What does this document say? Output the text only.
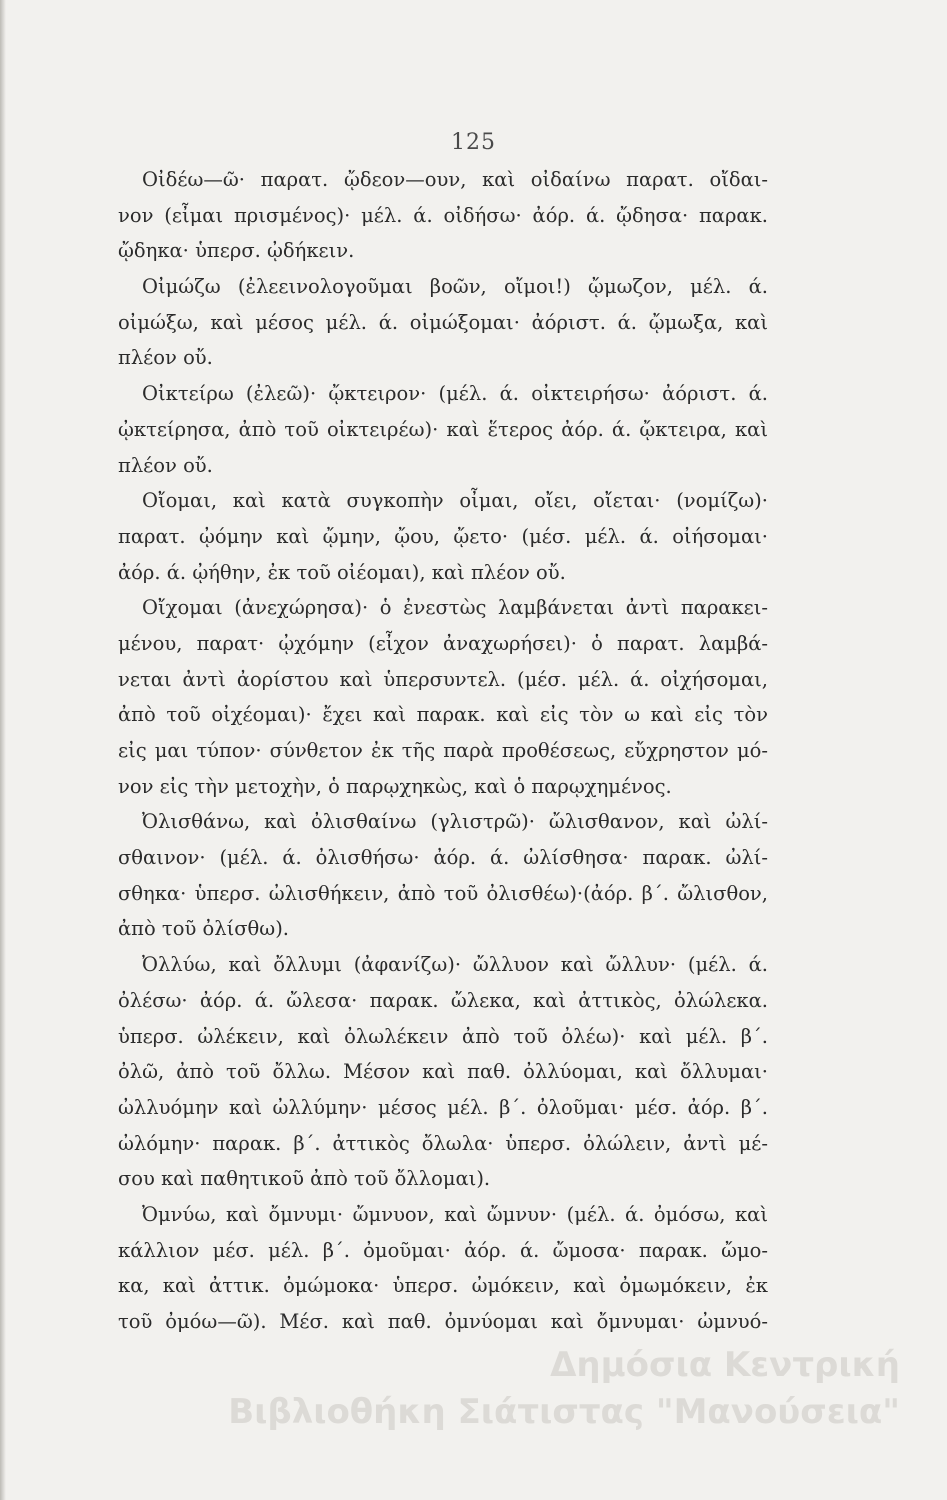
125
Οἰδέω—ῶ· παρατ. ᾤδεον—ουν, καὶ οἰδαίνω παρατ. οἴδαι-
νον (εἶμαι πρισμένος)· μέλ. ά. οἰδήσω· ἀόρ. ά. ᾤδησα· παρακ.
ᾤδηκα· ὑπερσ. ᾠδήκειν.
Οἰμώζω (ἐλεεινολογοῦμαι βοῶν, οἴμοι!) ᾤμωζον, μέλ. ά.
οἰμώξω, καὶ μέσος μέλ. ά. οἰμώξομαι· ἀόριστ. ά. ᾤμωξα, καὶ
πλέον οὔ.
Οἰκτείρω (ἐλεῶ)· ᾤκτειρον· (μέλ. ά. οἰκτειρήσω· ἀόριστ. ά.
ᾠκτείρησα, ἀπὸ τοῦ οἰκτειρέω)· καὶ ἕτερος ἀόρ. ά. ᾤκτειρα, καὶ
πλέον οὔ.
Οἴομαι, καὶ κατὰ συγκοπὴν οἶμαι, οἴει, οἴεται· (νομίζω)·
παρατ. ᾠόμην καὶ ᾤμην, ᾤου, ᾤετο· (μέσ. μέλ. ά. οἰήσομαι·
ἀόρ. ά. ᾠήθην, ἐκ τοῦ οἰέομαι), καὶ πλέον οὔ.
Οἴχομαι (ἀνεχώρησα)· ὁ ἐνεστὼς λαμβάνεται ἀντὶ παρακει-
μένου, παρατ· ᾠχόμην (εἶχον ἀναχωρήσει)· ὁ παρατ. λαμβά-
νεται ἀντὶ ἀορίστου καὶ ὑπερσυντελ. (μέσ. μέλ. ά. οἰχήσομαι,
ἀπὸ τοῦ οἰχέομαι)· ἔχει καὶ παρακ. καὶ εἰς τὸν ω καὶ εἰς τὸν
εἰς μαι τύπον· σύνθετον ἐκ τῆς παρὰ προθέσεως, εὔχρηστον μό-
νον εἰς τὴν μετοχὴν, ὁ παρῳχηκὼς, καὶ ὁ παρῳχημένος.
Ὀλισθάνω, καὶ ὀλισθαίνω (γλιστρῶ)· ὤλισθανον, καὶ ὠλί-
σθαινον· (μέλ. ά. ὀλισθήσω· ἀόρ. ά. ὠλίσθησα· παρακ. ὠλί-
σθηκα· ὑπερσ. ὠλισθήκειν, ἀπὸ τοῦ ὀλισθέω)·(ἀόρ. β΄. ὤλισθον,
ἀπὸ τοῦ ὀλίσθω).
Ὀλλύω, καὶ ὄλλυμι (ἀφανίζω)· ὤλλυον καὶ ὤλλυν· (μέλ. ά.
ὀλέσω· ἀόρ. ά. ὤλεσα· παρακ. ὤλεκα, καὶ ἀττικὸς, ὀλώλεκα.
ὑπερσ. ὠλέκειν, καὶ ὀλωλέκειν ἀπὸ τοῦ ὀλέω)· καὶ μέλ. β΄.
ὀλῶ, ἀπὸ τοῦ ὄλλω. Μέσον καὶ παθ. ὀλλύομαι, καὶ ὄλλυμαι·
ὠλλυόμην καὶ ὠλλύμην· μέσος μέλ. β΄. ὀλοῦμαι· μέσ. ἀόρ. β΄.
ὠλόμην· παρακ. β΄. ἀττικὸς ὄλωλα· ὑπερσ. ὀλώλειν, ἀντὶ μέ-
σου καὶ παθητικοῦ ἀπὸ τοῦ ὄλλομαι).
Ὀμνύω, καὶ ὄμνυμι· ὤμνυον, καὶ ὤμνυν· (μέλ. ά. ὀμόσω, καὶ
κάλλιον μέσ. μέλ. β΄. ὀμοῦμαι· ἀόρ. ά. ὤμοσα· παρακ. ὤμο-
κα, καὶ ἀττικ. ὀμώμοκα· ὑπερσ. ὠμόκειν, καὶ ὀμωμόκειν, ἐκ
τοῦ ὀμόω—ῶ). Μέσ. καὶ παθ. ὀμνύομαι καὶ ὄμνυμαι· ὠμνυό-
Δημόσια Κεντρική
Βιβλιοθήκη Σιάτιστας "Μανούσεια"
